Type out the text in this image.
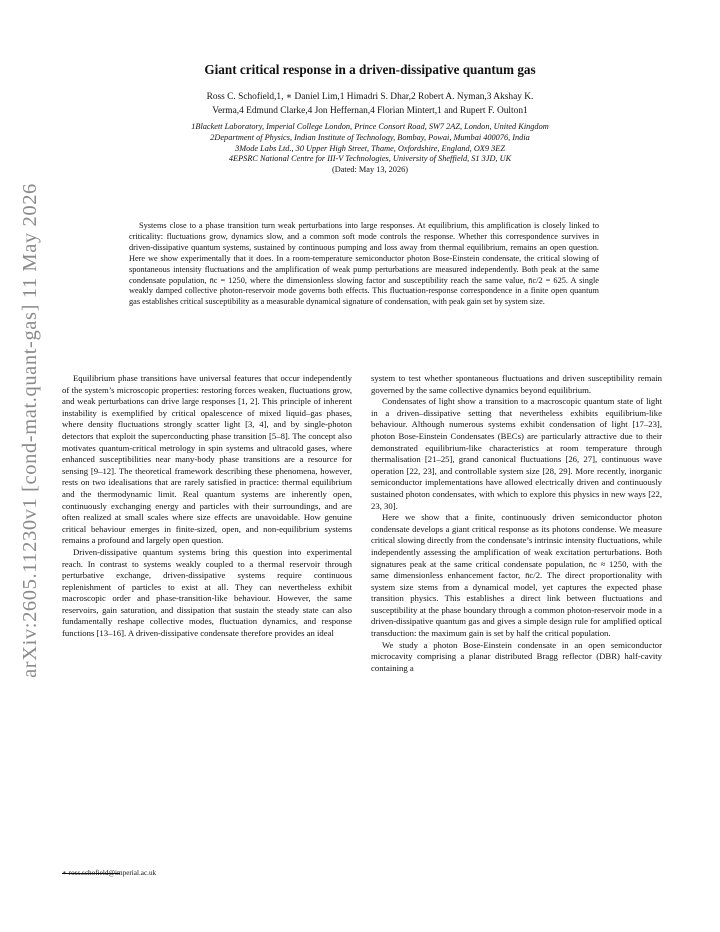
arXiv:2605.11230v1 [cond-mat.quant-gas] 11 May 2026
Giant critical response in a driven-dissipative quantum gas
Ross C. Schofield,1, ∗ Daniel Lim,1 Himadri S. Dhar,2 Robert A. Nyman,3 Akshay K.
Verma,4 Edmund Clarke,4 Jon Heffernan,4 Florian Mintert,1 and Rupert F. Oulton1
1Blackett Laboratory, Imperial College London, Prince Consort Road, SW7 2AZ, London, United Kingdom
2Department of Physics, Indian Institute of Technology, Bombay, Powai, Mumbai 400076, India
3Mode Labs Ltd., 30 Upper High Street, Thame, Oxfordshire, England, OX9 3EZ
4EPSRC National Centre for III-V Technologies, University of Sheffield, S1 3JD, UK
(Dated: May 13, 2026)

Systems close to a phase transition turn weak perturbations into large responses. At equilibrium, this amplification is closely linked to criticality: fluctuations grow, dynamics slow, and a common soft mode controls the response. Whether this correspondence survives in driven-dissipative quantum systems, sustained by continuous pumping and loss away from thermal equilibrium, remains an open question. Here we show experimentally that it does. In a room-temperature semiconductor photon Bose-Einstein condensate, the critical slowing of spontaneous intensity fluctuations and the amplification of weak pump perturbations are measured independently. Both peak at the same condensate population, n̄c = 1250, where the dimensionless slowing factor and susceptibility reach the same value, n̄c/2 = 625. A single weakly damped collective photon-reservoir mode governs both effects. This fluctuation-response correspondence in a finite open quantum gas establishes critical susceptibility as a measurable dynamical signature of condensation, with peak gain set by system size.

Equilibrium phase transitions have universal features that occur independently of the system’s microscopic properties: restoring forces weaken, fluctuations grow, and weak perturbations can drive large responses [1, 2]. This principle of inherent instability is exemplified by critical opalescence of mixed liquid–gas phases, where density fluctuations strongly scatter light [3, 4], and by single-photon detectors that exploit the superconducting phase transition [5–8]. The concept also motivates quantum-critical metrology in spin systems and ultracold gases, where enhanced susceptibilities near many-body phase transitions are a resource for sensing [9–12]. The theoretical framework describing these phenomena, however, rests on two idealisations that are rarely satisfied in practice: thermal equilibrium and the thermodynamic limit. Real quantum systems are inherently open, continuously exchanging energy and particles with their surroundings, and are often realized at small scales where size effects are unavoidable. How genuine critical behaviour emerges in finite-sized, open, and non-equilibrium systems remains a profound and largely open question.

Driven-dissipative quantum systems bring this question into experimental reach. In contrast to systems weakly coupled to a thermal reservoir through perturbative exchange, driven-dissipative systems require continuous replenishment of particles to exist at all. They can nevertheless exhibit macroscopic order and phase-transition-like behaviour. However, the same reservoirs, gain saturation, and dissipation that sustain the steady state can also fundamentally reshape collective modes, fluctuation dynamics, and response functions [13–16]. A driven-dissipative condensate therefore provides an ideal

system to test whether spontaneous fluctuations and driven susceptibility remain governed by the same collective dynamics beyond equilibrium.

Condensates of light show a transition to a macroscopic quantum state of light in a driven–dissipative setting that nevertheless exhibits equilibrium-like behaviour. Although numerous systems exhibit condensation of light [17–23], photon Bose-Einstein Condensates (BECs) are particularly attractive due to their demonstrated equilibrium-like characteristics at room temperature through thermalisation [21–25], grand canonical fluctuations [26, 27], continuous wave operation [22, 23], and controllable system size [28, 29]. More recently, inorganic semiconductor implementations have allowed electrically driven and continuously sustained photon condensates, with which to explore this physics in new ways [22, 23, 30].

Here we show that a finite, continuously driven semiconductor photon condensate develops a giant critical response as its photons condense. We measure critical slowing directly from the condensate’s intrinsic intensity fluctuations, while independently assessing the amplification of weak excitation perturbations. Both signatures peak at the same critical condensate population, n̄c ≈ 1250, with the same dimensionless enhancement factor, n̄c/2. The direct proportionality with system size stems from a dynamical model, yet captures the expected phase transition physics. This establishes a direct link between fluctuations and susceptibility at the phase boundary through a common photon-reservoir mode in a driven-dissipative quantum gas and gives a simple design rule for amplified optical transduction: the maximum gain is set by half the critical population.

We study a photon Bose-Einstein condensate in an open semiconductor microcavity comprising a planar distributed Bragg reflector (DBR) half-cavity containing a

∗ ross.schofield@imperial.ac.uk
